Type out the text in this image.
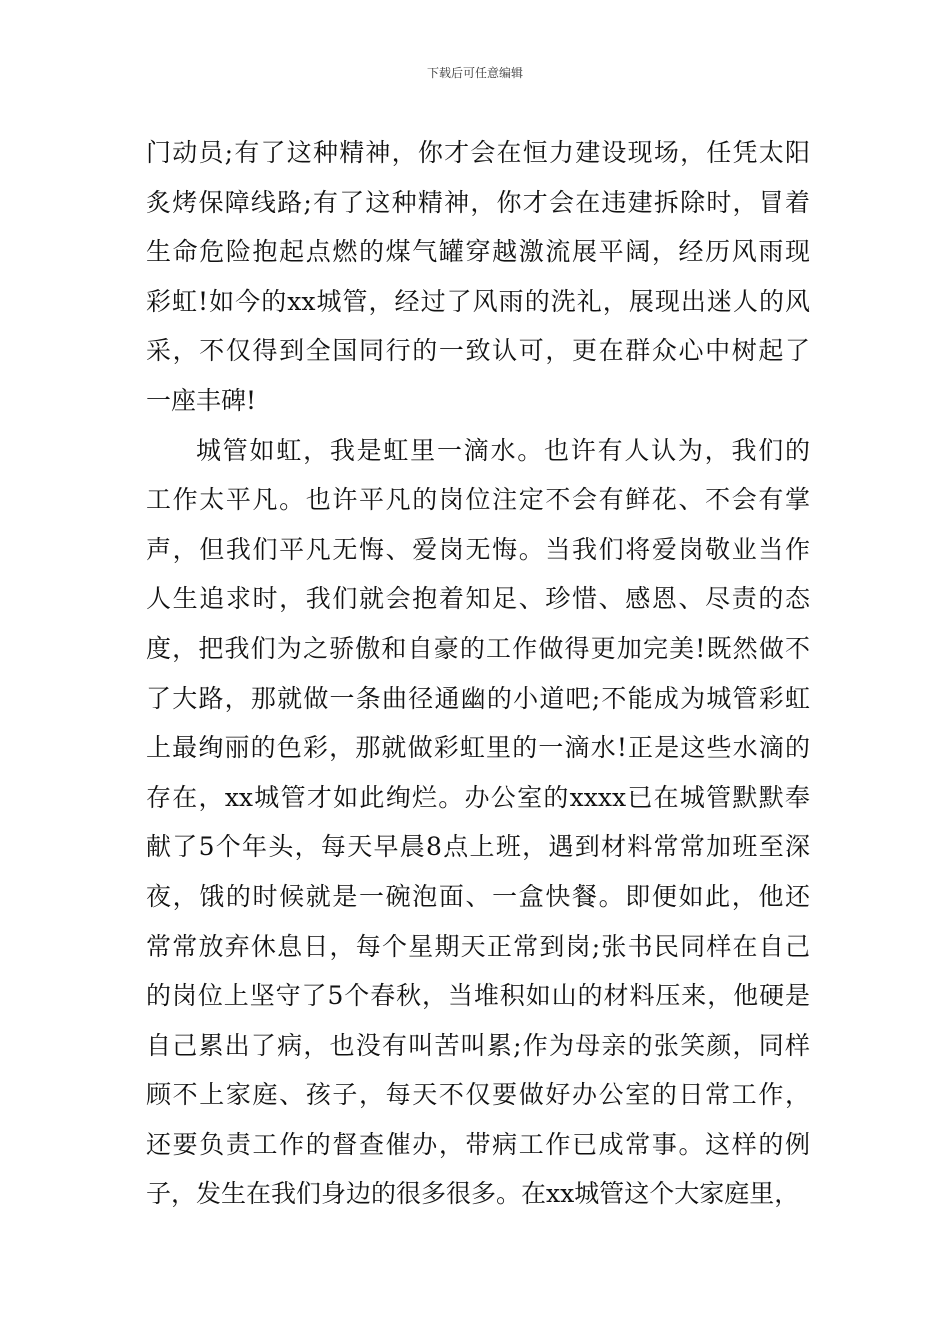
下载后可任意编辑
门动员;有了这种精神，你才会在恒力建设现场，任凭太阳
炙烤保障线路;有了这种精神，你才会在违建拆除时，冒着
生命危险抱起点燃的煤气罐穿越激流展平阔，经历风雨现
彩虹!如今的xx城管，经过了风雨的洗礼，展现出迷人的风
采，不仅得到全国同行的一致认可，更在群众心中树起了
一座丰碑!
城管如虹，我是虹里一滴水。也许有人认为，我们的
工作太平凡。也许平凡的岗位注定不会有鲜花、不会有掌
声，但我们平凡无悔、爱岗无悔。当我们将爱岗敬业当作
人生追求时，我们就会抱着知足、珍惜、感恩、尽责的态
度，把我们为之骄傲和自豪的工作做得更加完美!既然做不
了大路，那就做一条曲径通幽的小道吧;不能成为城管彩虹
上最绚丽的色彩，那就做彩虹里的一滴水!正是这些水滴的
存在，xx城管才如此绚烂。办公室的xxxx已在城管默默奉
献了5个年头，每天早晨8点上班，遇到材料常常加班至深
夜，饿的时候就是一碗泡面、一盒快餐。即便如此，他还
常常放弃休息日，每个星期天正常到岗;张书民同样在自己
的岗位上坚守了5个春秋，当堆积如山的材料压来，他硬是
自己累出了病，也没有叫苦叫累;作为母亲的张笑颜，同样
顾不上家庭、孩子，每天不仅要做好办公室的日常工作，
还要负责工作的督查催办，带病工作已成常事。这样的例
子，发生在我们身边的很多很多。在xx城管这个大家庭里，
